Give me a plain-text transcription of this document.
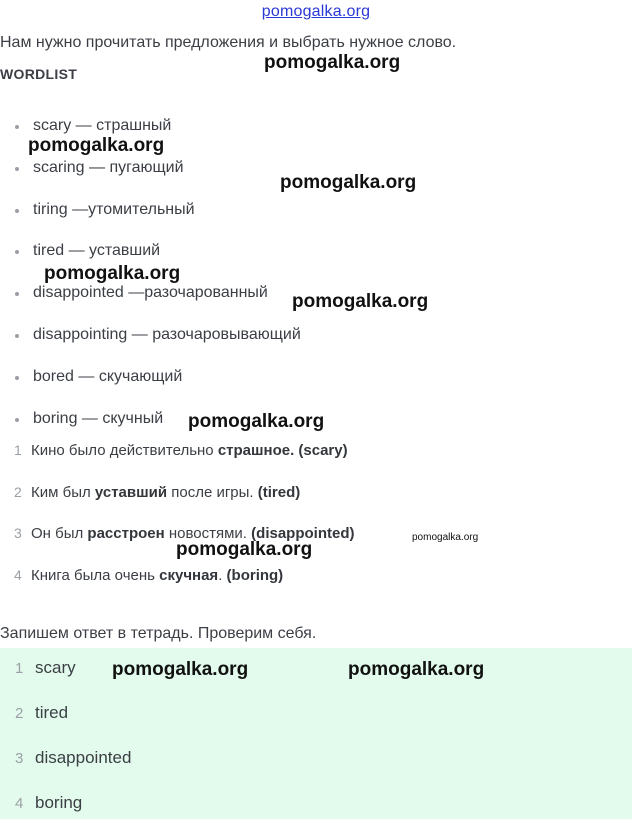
pomogalka.org
Нам нужно прочитать предложения и выбрать нужное слово.
WORDLIST
scary — страшный
scaring — пугающий
tiring —утомительный
tired — уставший
disappointed —разочарованный
disappointing — разочаровывающий
bored — скучающий
boring — скучный
1 Кино было действительно страшное. (scary)
2 Ким был уставший после игры. (tired)
3 Он был расстроен новостями. (disappointed)
4 Книга была очень скучная. (boring)
Запишем ответ в тетрадь. Проверим себя.
1 scary
2 tired
3 disappointed
4 boring
pomogalka.org
pomogalka.org
pomogalka.org
pomogalka.org
pomogalka.org
pomogalka.org
pomogalka.org
pomogalka.org
pomogalka.org	pomogalka.org
